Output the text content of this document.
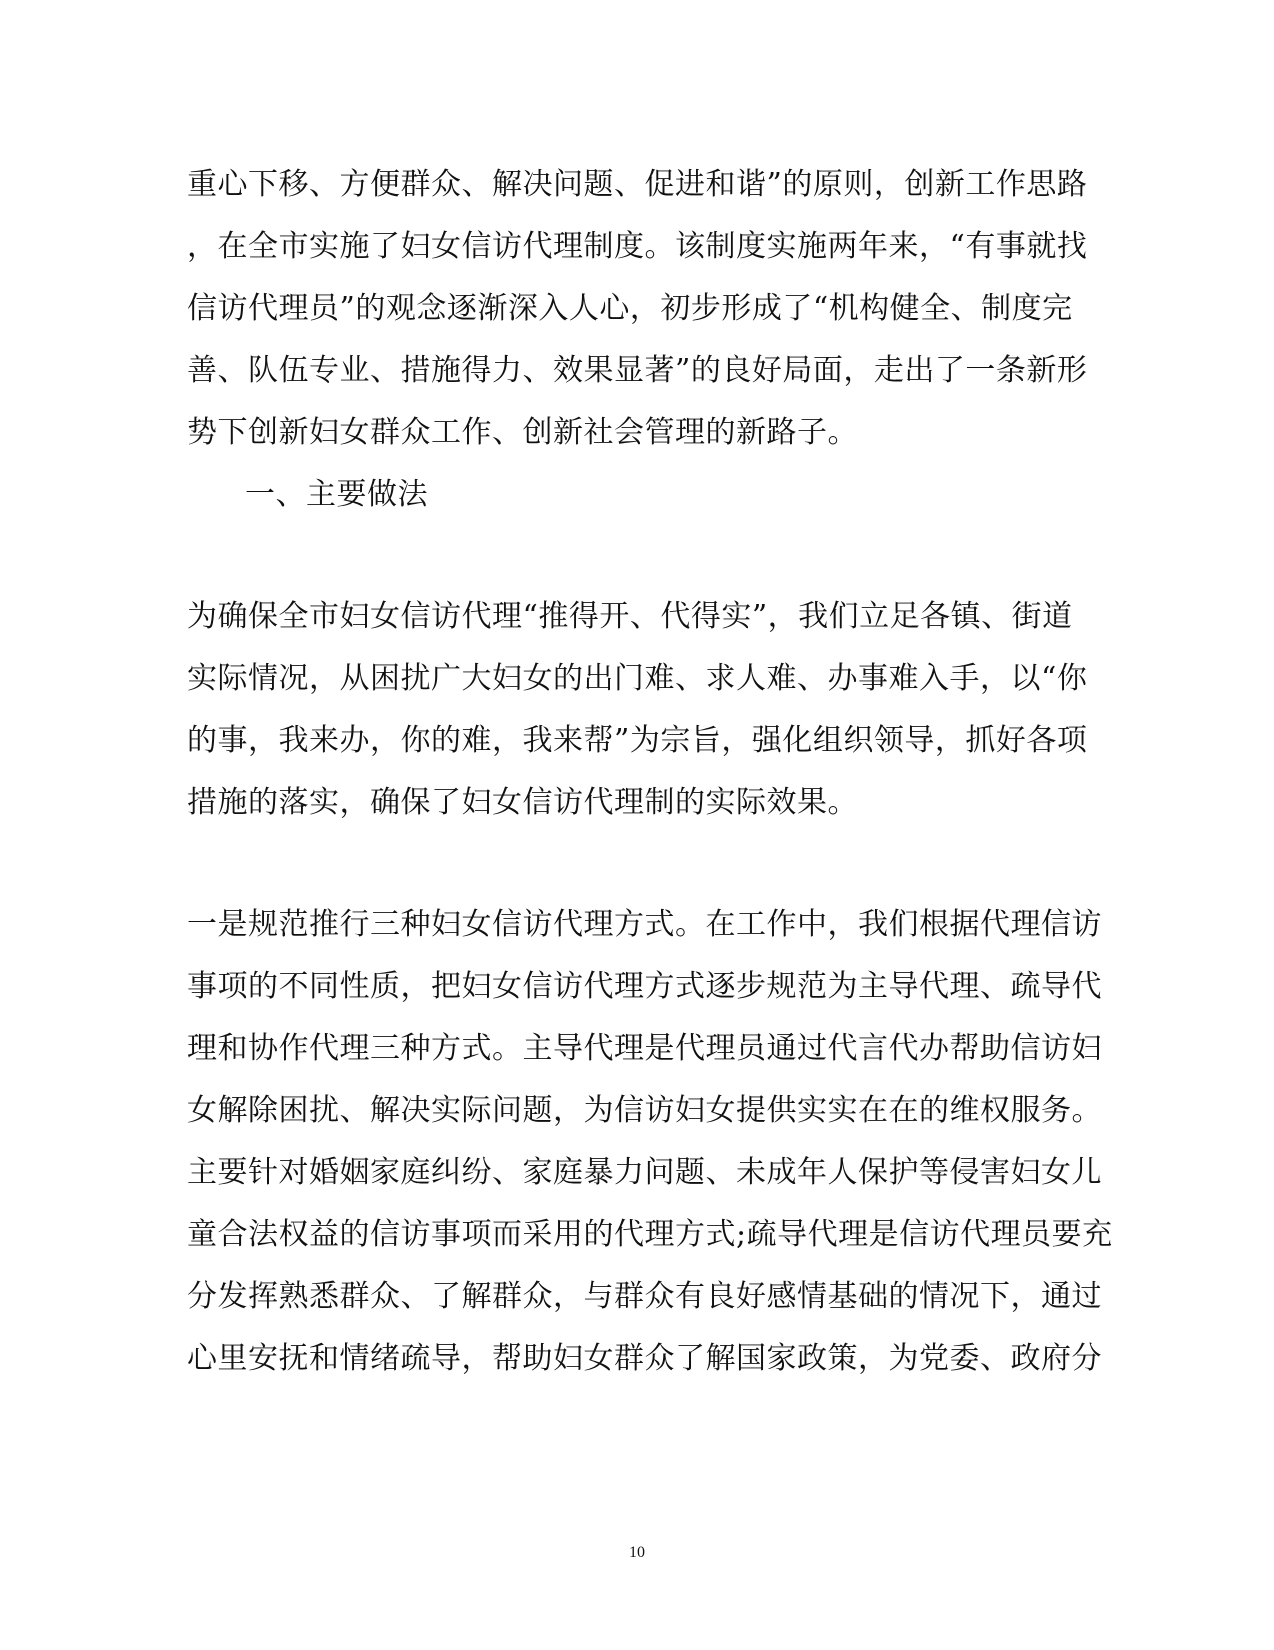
重心下移、方便群众、解决问题、促进和谐”的原则，创新工作思路
，在全市实施了妇女信访代理制度。该制度实施两年来，“有事就找
信访代理员”的观念逐渐深入人心，初步形成了“机构健全、制度完
善、队伍专业、措施得力、效果显著”的良好局面，走出了一条新形
势下创新妇女群众工作、创新社会管理的新路子。
一、主要做法
为确保全市妇女信访代理“推得开、代得实”，我们立足各镇、街道
实际情况，从困扰广大妇女的出门难、求人难、办事难入手，以“你
的事，我来办，你的难，我来帮”为宗旨，强化组织领导，抓好各项
措施的落实，确保了妇女信访代理制的实际效果。
一是规范推行三种妇女信访代理方式。在工作中，我们根据代理信访
事项的不同性质，把妇女信访代理方式逐步规范为主导代理、疏导代
理和协作代理三种方式。主导代理是代理员通过代言代办帮助信访妇
女解除困扰、解决实际问题，为信访妇女提供实实在在的维权服务。
主要针对婚姻家庭纠纷、家庭暴力问题、未成年人保护等侵害妇女儿
童合法权益的信访事项而采用的代理方式;疏导代理是信访代理员要充
分发挥熟悉群众、了解群众，与群众有良好感情基础的情况下，通过
心里安抚和情绪疏导，帮助妇女群众了解国家政策，为党委、政府分
10
